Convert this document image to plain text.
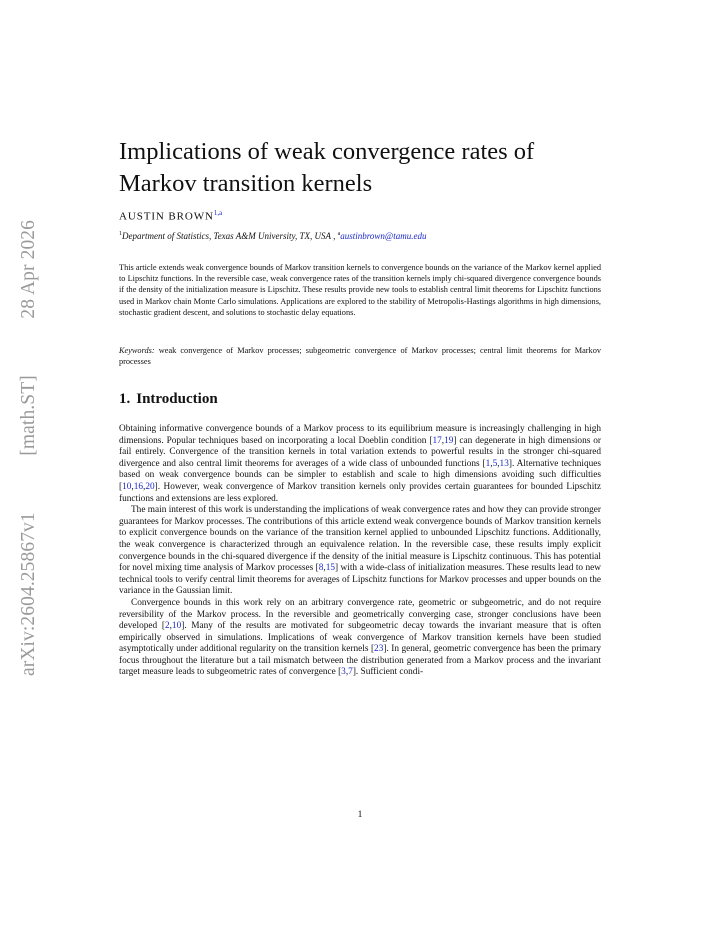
arXiv:2604.25867v1
[math.ST]
28 Apr 2026
Implications of weak convergence rates of
Markov transition kernels
AUSTIN BROWN$^{1,a}$
$^1$Department of Statistics, Texas A&M University, TX, USA , $^a$austinbrown@tamu.edu
This article extends weak convergence bounds of Markov transition kernels to convergence bounds on the variance of the Markov kernel applied to Lipschitz functions. In the reversible case, weak convergence rates of the transition kernels imply chi-squared divergence convergence bounds if the density of the initialization measure is Lipschitz. These results provide new tools to establish central limit theorems for Lipschitz functions used in Markov chain Monte Carlo simulations. Applications are explored to the stability of Metropolis-Hastings algorithms in high dimensions, stochastic gradient descent, and solutions to stochastic delay equations.
Keywords: weak convergence of Markov processes; subgeometric convergence of Markov processes; central limit theorems for Markov processes
1. Introduction

Obtaining informative convergence bounds of a Markov process to its equilibrium measure is increasingly challenging in high dimensions. Popular techniques based on incorporating a local Doeblin condition [17,19] can degenerate in high dimensions or fail entirely. Convergence of the transition kernels in total variation extends to powerful results in the stronger chi-squared divergence and also central limit theorems for averages of a wide class of unbounded functions [1,5,13]. Alternative techniques based on weak convergence bounds can be simpler to establish and scale to high dimensions avoiding such difficulties [10,16,20]. However, weak convergence of Markov transition kernels only provides certain guarantees for bounded Lipschitz functions and extensions are less explored.

The main interest of this work is understanding the implications of weak convergence rates and how they can provide stronger guarantees for Markov processes. The contributions of this article extend weak convergence bounds of Markov transition kernels to explicit convergence bounds on the variance of the transition kernel applied to unbounded Lipschitz functions. Additionally, the weak convergence is characterized through an equivalence relation. In the reversible case, these results imply explicit convergence bounds in the chi-squared divergence if the density of the initial measure is Lipschitz continuous. This has potential for novel mixing time analysis of Markov processes [8,15] with a wide-class of initialization measures. These results lead to new technical tools to verify central limit theorems for averages of Lipschitz functions for Markov processes and upper bounds on the variance in the Gaussian limit.

Convergence bounds in this work rely on an arbitrary convergence rate, geometric or subgeometric, and do not require reversibility of the Markov process. In the reversible and geometrically converging case, stronger conclusions have been developed [2,10]. Many of the results are motivated for subgeometric decay towards the invariant measure that is often empirically observed in simulations. Implications of weak convergence of Markov transition kernels have been studied asymptotically under additional regularity on the transition kernels [23]. In general, geometric convergence has been the primary focus throughout the literature but a tail mismatch between the distribution generated from a Markov process and the invariant target measure leads to subgeometric rates of convergence [3,7]. Sufficient condi-

1
